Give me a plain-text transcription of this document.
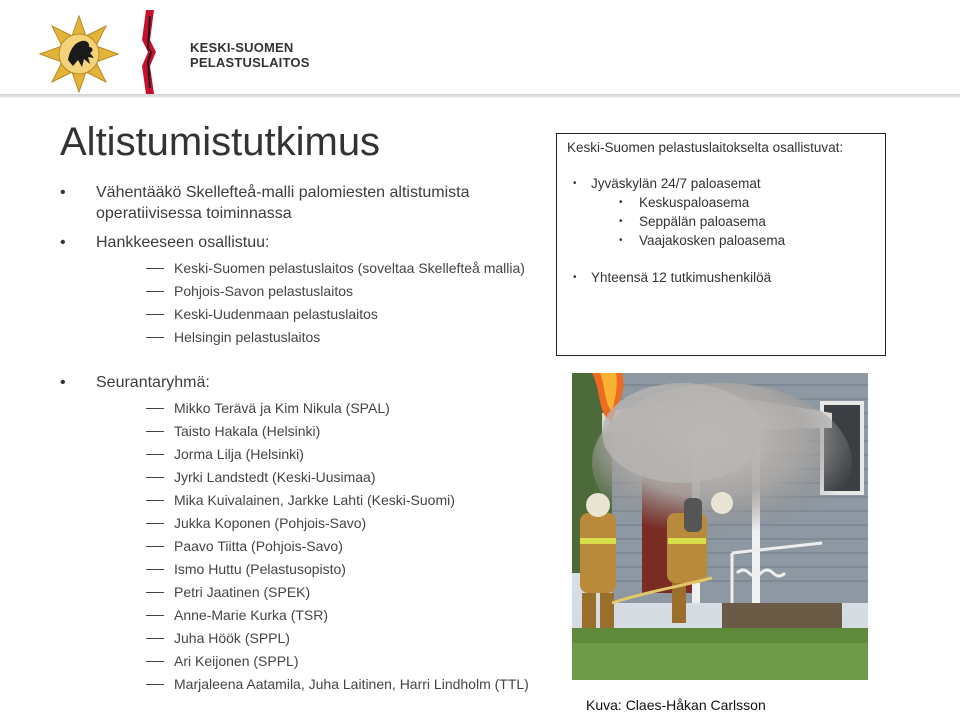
KESKI-SUOMEN
PELASTUSLAITOS
Altistumistutkimus
• Vähentääkö Skellefteå-malli palomiesten altistumista operatiivisessa toiminnassa
• Hankkeeseen osallistuu:
Keski-Suomen pelastuslaitos (soveltaa Skellefteå mallia)
Pohjois-Savon pelastuslaitos
Keski-Uudenmaan pelastuslaitos
Helsingin pelastuslaitos
Keski-Suomen pelastuslaitokselta osallistuvat:
• Jyväskylän 24/7 paloasemat
• Keskuspaloasema
• Seppälän paloasema
• Vaajakosken paloasema
• Yhteensä 12 tutkimushenkilöä
• Seurantaryhmä:
Mikko Terävä ja Kim Nikula (SPAL)
Taisto Hakala (Helsinki)
Jorma Lilja (Helsinki)
Jyrki Landstedt (Keski-Uusimaa)
Mika Kuivalainen, Jarkke Lahti (Keski-Suomi)
Jukka Koponen (Pohjois-Savo)
Paavo Tiitta (Pohjois-Savo)
Ismo Huttu (Pelastusopisto)
Petri Jaatinen (SPEK)
Anne-Marie Kurka (TSR)
Juha Höök (SPPL)
Ari Keijonen (SPPL)
Marjaleena Aatamila, Juha Laitinen, Harri Lindholm (TTL)
Kuva: Claes-Håkan Carlsson
